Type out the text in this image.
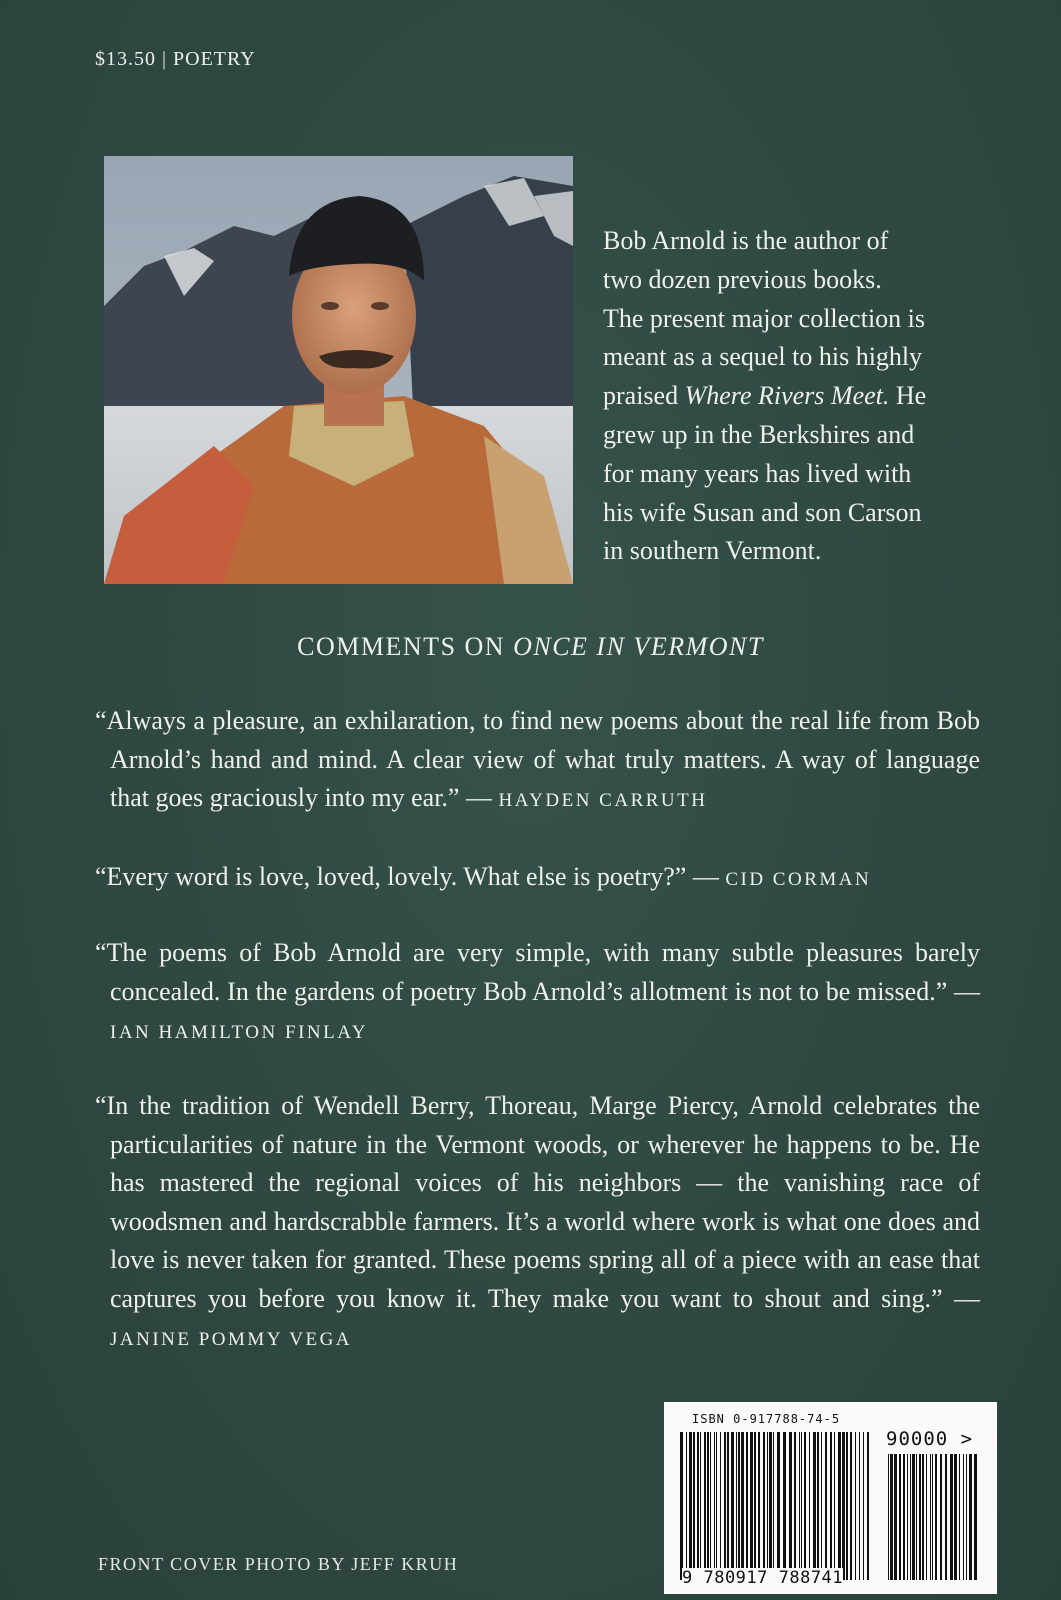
$13.50 | POETRY

Bob Arnold is the author of

two dozen previous books.

The present major collection is

meant as a sequel to his highly

praised Where Rivers Meet. He

grew up in the Berkshires and

for many years has lived with

his wife Susan and son Carson

in southern Vermont.

COMMENTS ON ONCE IN VERMONT
“Always a pleasure, an exhilaration, to find new poems about the real life from Bob Arnold’s hand and mind. A clear view of what truly matters. A way of language that goes graciously into my ear.” — HAYDEN CARRUTH
“Every word is love, loved, lovely. What else is poetry?” — CID CORMAN
“The poems of Bob Arnold are very simple, with many subtle pleasures barely concealed. In the gardens of poetry Bob Arnold’s allotment is not to be missed.” — IAN HAMILTON FINLAY
“In the tradition of Wendell Berry, Thoreau, Marge Piercy, Arnold celebrates the particularities of nature in the Vermont woods, or wherever he happens to be. He has mastered the regional voices of his neighbors — the vanishing race of woodsmen and hardscrabble farmers. It’s a world where work is what one does and love is never taken for granted. These poems spring all of a piece with an ease that captures you before you know it. They make you want to shout and sing.” — JANINE POMMY VEGA
ISBN 0-917788-74-5
90000 >
9 780917 788741
FRONT COVER PHOTO BY JEFF KRUH
